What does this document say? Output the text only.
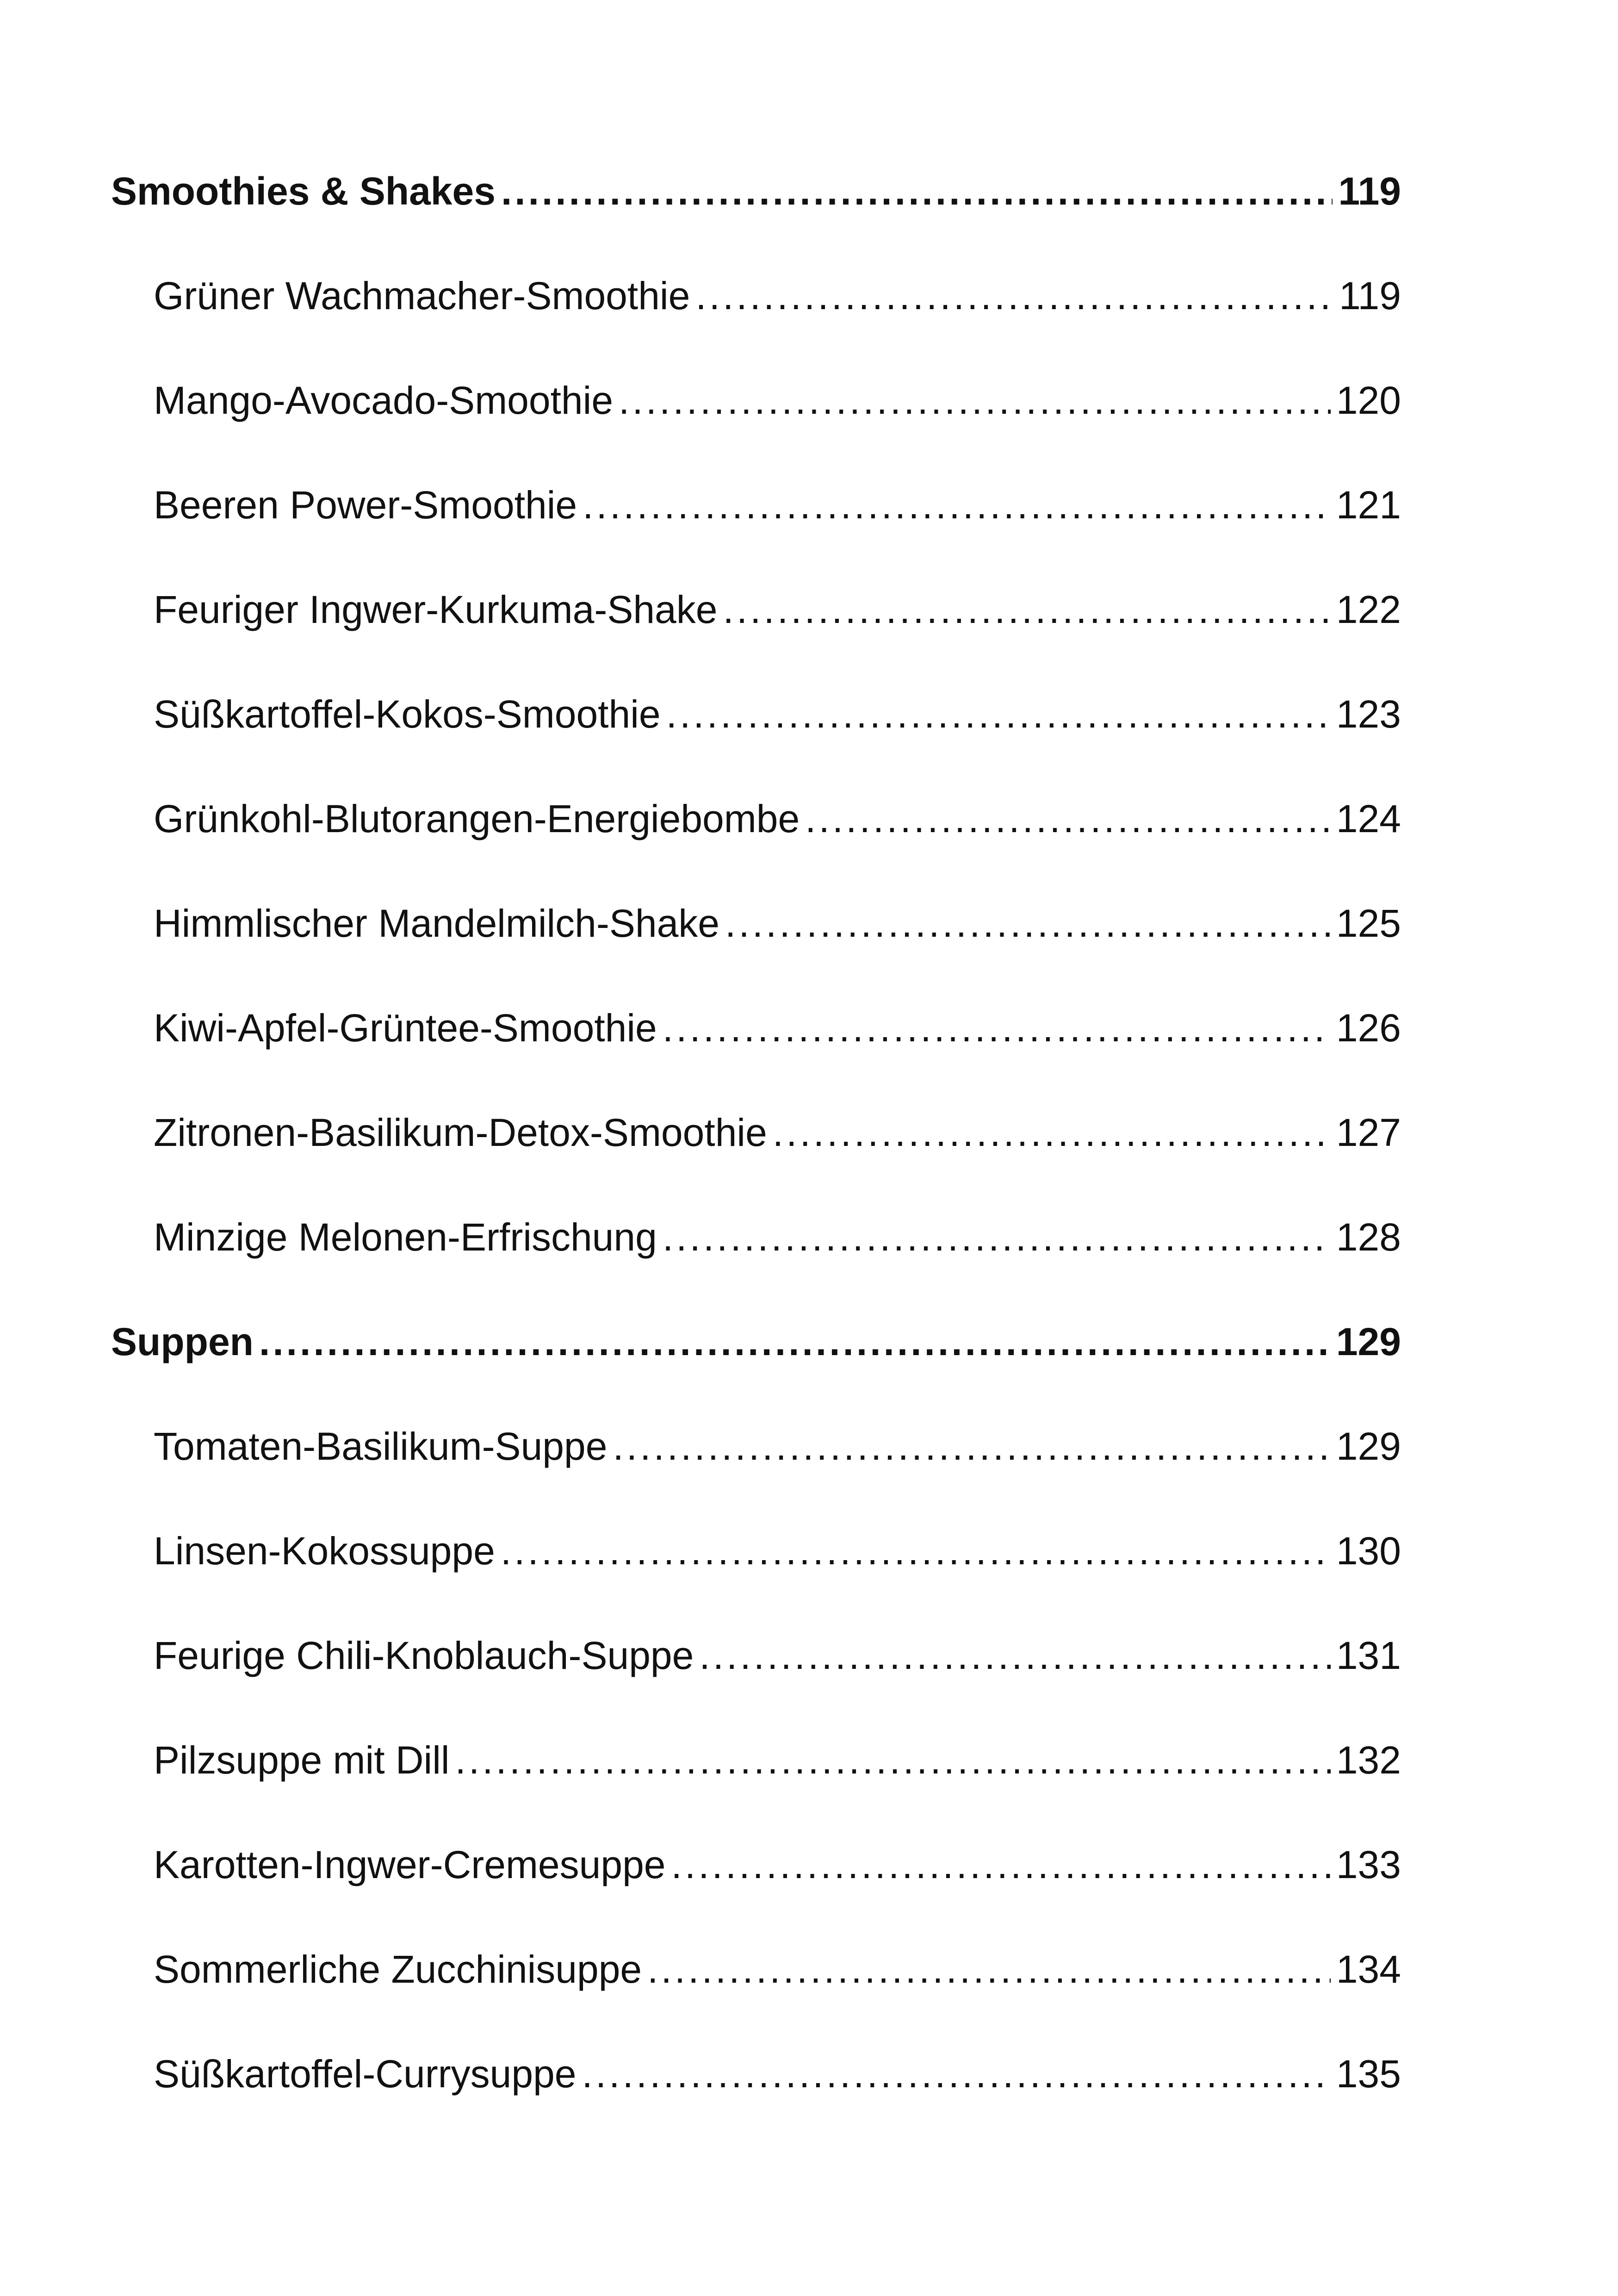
Smoothies & Shakes .....	119
Grüner Wachmacher-Smoothie .....	119
Mango-Avocado-Smoothie .....	120
Beeren Power-Smoothie .....	121
Feuriger Ingwer-Kurkuma-Shake .....	122
Süßkartoffel-Kokos-Smoothie .....	123
Grünkohl-Blutorangen-Energiebombe .....	124
Himmlischer Mandelmilch-Shake .....	125
Kiwi-Apfel-Grüntee-Smoothie .....	126
Zitronen-Basilikum-Detox-Smoothie .....	127
Minzige Melonen-Erfrischung .....	128
Suppen .....	129
Tomaten-Basilikum-Suppe .....	129
Linsen-Kokossuppe .....	130
Feurige Chili-Knoblauch-Suppe .....	131
Pilzsuppe mit Dill .....	132
Karotten-Ingwer-Cremesuppe .....	133
Sommerliche Zucchinisuppe .....	134
Süßkartoffel-Currysuppe .....	135
